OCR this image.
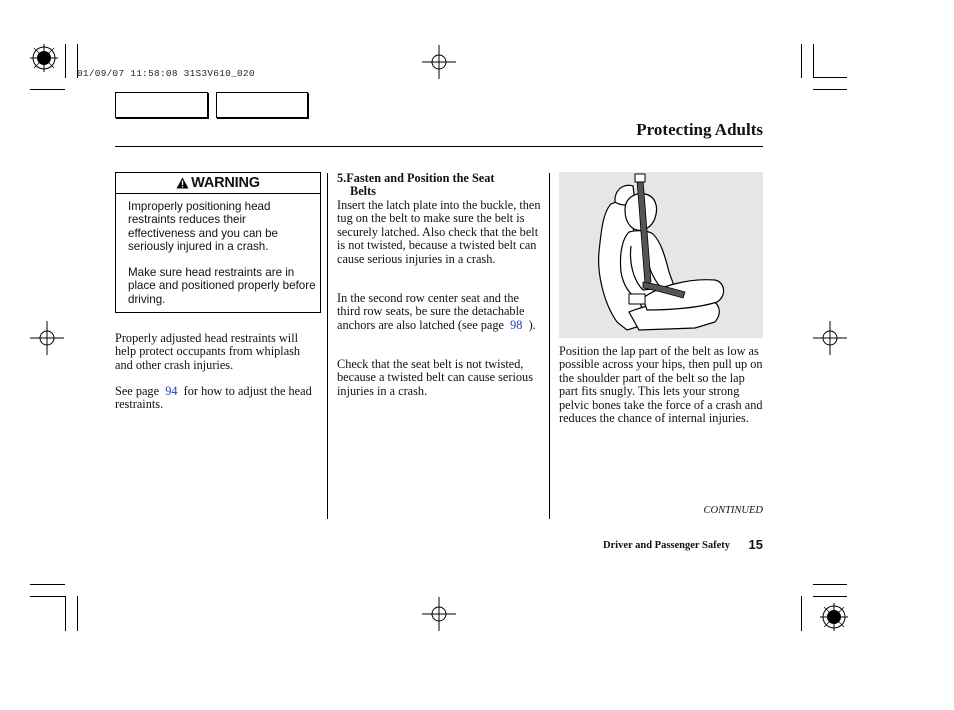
01/09/07 11:58:08 31S3V610_020
Protecting Adults
WARNING

Improperly positioning head restraints reduces their effectiveness and you can be seriously injured in a crash.

Make sure head restraints are in place and positioned properly before driving.

Properly adjusted head restraints will help protect occupants from whiplash and other crash injuries.

See page 94 for how to adjust the head restraints.

5.Fasten and Position the Seat
Belts

Insert the latch plate into the buckle, then tug on the belt to make sure the belt is securely latched. Also check that the belt is not twisted, because a twisted belt can cause serious injuries in a crash.

In the second row center seat and the third row seats, be sure the detachable anchors are also latched (see page 98 ).

Check that the seat belt is not twisted, because a twisted belt can cause serious injuries in a crash.

Position the lap part of the belt as low as possible across your hips, then pull up on the shoulder part of the belt so the lap part fits snugly. This lets your strong pelvic bones take the force of a crash and reduces the chance of internal injuries.

CONTINUED
Driver and Passenger Safety 15
